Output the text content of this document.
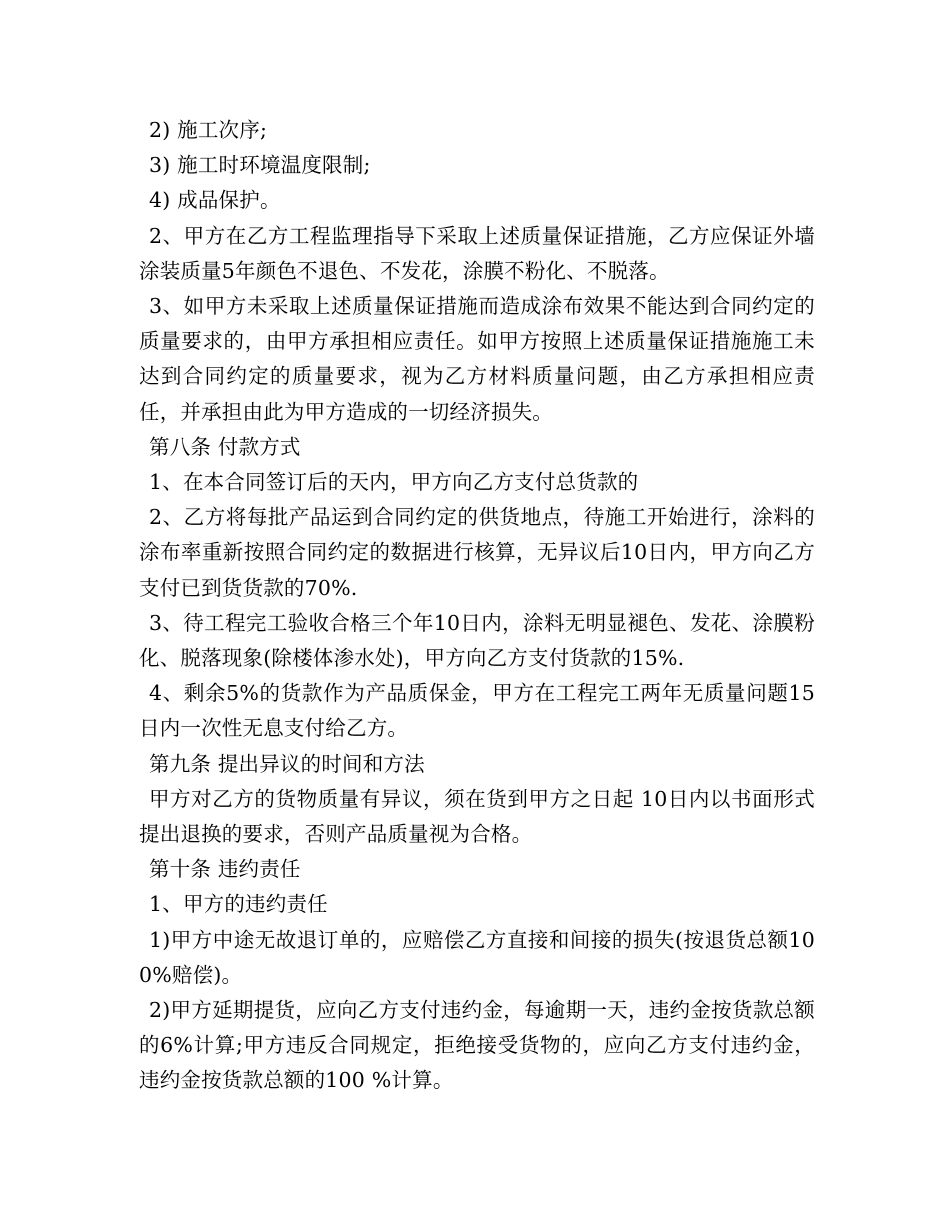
2) 施工次序;

3) 施工时环境温度限制;

4) 成品保护。

2、甲方在乙方工程监理指导下采取上述质量保证措施，乙方应保证外墙涂装质量5年颜色不退色、不发花，涂膜不粉化、不脱落。

3、如甲方未采取上述质量保证措施而造成涂布效果不能达到合同约定的质量要求的，由甲方承担相应责任。如甲方按照上述质量保证措施施工未达到合同约定的质量要求，视为乙方材料质量问题，由乙方承担相应责任，并承担由此为甲方造成的一切经济损失。

第八条 付款方式

1、在本合同签订后的天内，甲方向乙方支付总货款的

2、乙方将每批产品运到合同约定的供货地点，待施工开始进行，涂料的涂布率重新按照合同约定的数据进行核算，无异议后10日内，甲方向乙方支付已到货货款的70%.

3、待工程完工验收合格三个年10日内，涂料无明显褪色、发花、涂膜粉化、脱落现象(除楼体渗水处)，甲方向乙方支付货款的15%.

4、剩余5%的货款作为产品质保金，甲方在工程完工两年无质量问题15 日内一次性无息支付给乙方。

第九条 提出异议的时间和方法

甲方对乙方的货物质量有异议，须在货到甲方之日起 10日内以书面形式提出退换的要求，否则产品质量视为合格。

第十条 违约责任

1、甲方的违约责任

1)甲方中途无故退订单的，应赔偿乙方直接和间接的损失(按退货总额100%赔偿)。

2)甲方延期提货，应向乙方支付违约金，每逾期一天，违约金按货款总额的6%计算;甲方违反合同规定，拒绝接受货物的，应向乙方支付违约金，违约金按货款总额的100 %计算。
